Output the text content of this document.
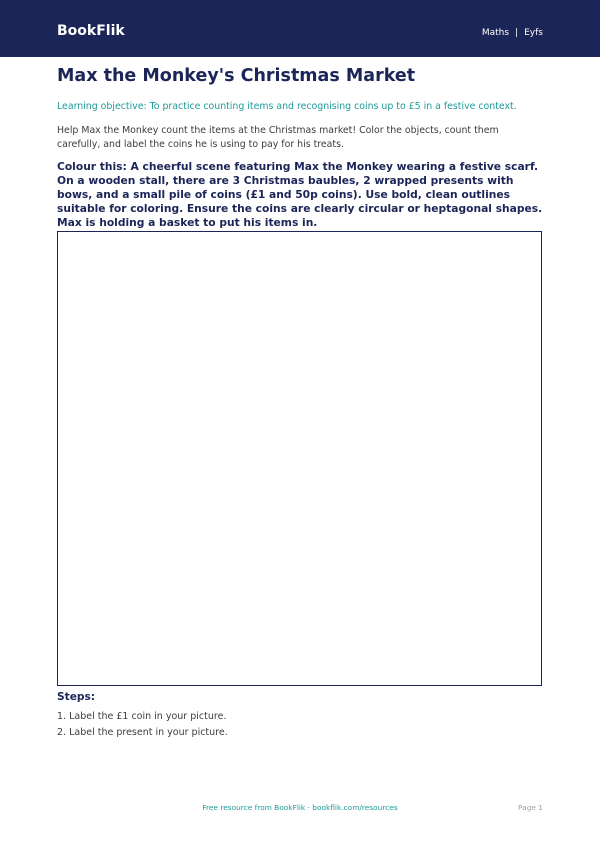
BookFlik	Maths | Eyfs
Max the Monkey's Christmas Market
Learning objective: To practice counting items and recognising coins up to £5 in a festive context.
Help Max the Monkey count the items at the Christmas market! Color the objects, count them carefully, and label the coins he is using to pay for his treats.
Colour this: A cheerful scene featuring Max the Monkey wearing a festive scarf. On a wooden stall, there are 3 Christmas baubles, 2 wrapped presents with bows, and a small pile of coins (£1 and 50p coins). Use bold, clean outlines suitable for coloring. Ensure the coins are clearly circular or heptagonal shapes. Max is holding a basket to put his items in.
Steps:
1. Label the £1 coin in your picture.
2. Label the present in your picture.
Free resource from BookFlik · bookflik.com/resources	Page 1
